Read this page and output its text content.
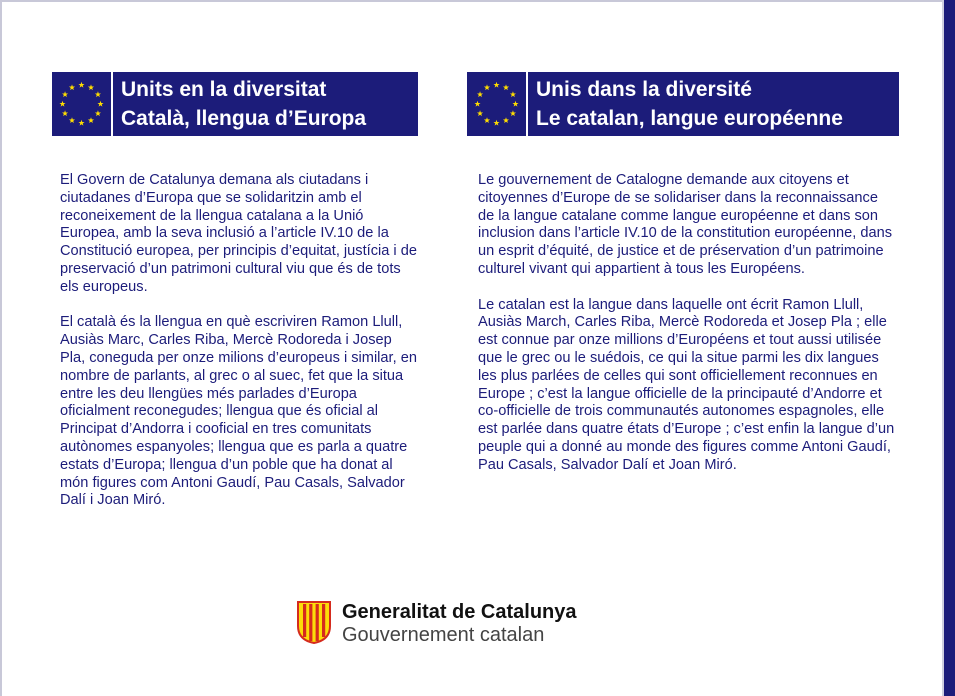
Units en la diversitat
Català, llengua d’Europa
Unis dans la diversité
Le catalan, langue européenne

El Govern de Catalunya demana als ciutadans i ciutadanes d’Europa que se solidaritzin amb el reconeixement de la llengua catalana a la Unió Europea, amb la seva inclusió a l’article IV.10 de la Constitució europea, per principis d’equitat, justícia i de preservació d’un patrimoni cultural viu que és de tots els europeus.

El català és la llengua en què escriviren Ramon Llull, Ausiàs Marc, Carles Riba, Mercè Rodoreda i Josep Pla, coneguda per onze milions d’europeus i similar, en nombre de parlants, al grec o al suec, fet que la situa entre les deu llengües més parlades d’Europa oficialment reconegudes; llengua que és oficial al Principat d’Andorra i cooficial en tres comunitats autònomes espanyoles; llengua que es parla a quatre estats d’Europa; llengua d’un poble que ha donat al món figures com Antoni Gaudí, Pau Casals, Salvador Dalí i Joan Miró.

Le gouvernement de Catalogne demande aux citoyens et citoyennes d’Europe de se solidariser dans la reconnaissance de la langue catalane comme langue européenne et dans son inclusion dans l’article IV.10 de la constitution européenne, dans un esprit d’équité, de justice et de préservation d’un patrimoine culturel vivant qui appartient à tous les Européens.

Le catalan est la langue dans laquelle ont écrit Ramon Llull, Ausiàs March, Carles Riba, Mercè Rodoreda et Josep Pla ; elle est connue par onze millions d’Européens et tout aussi utilisée que le grec ou le suédois, ce qui la situe parmi les dix langues les plus parlées de celles qui sont officiellement reconnues en Europe ; c’est la langue officielle de la principauté d’Andorre et co-officielle de trois communautés autonomes espagnoles, elle est parlée dans quatre états d’Europe ; c’est enfin la langue d’un peuple qui a donné au monde des figures comme Antoni Gaudí, Pau Casals, Salvador Dalí et Joan Miró.

Generalitat de Catalunya
Gouvernement catalan
